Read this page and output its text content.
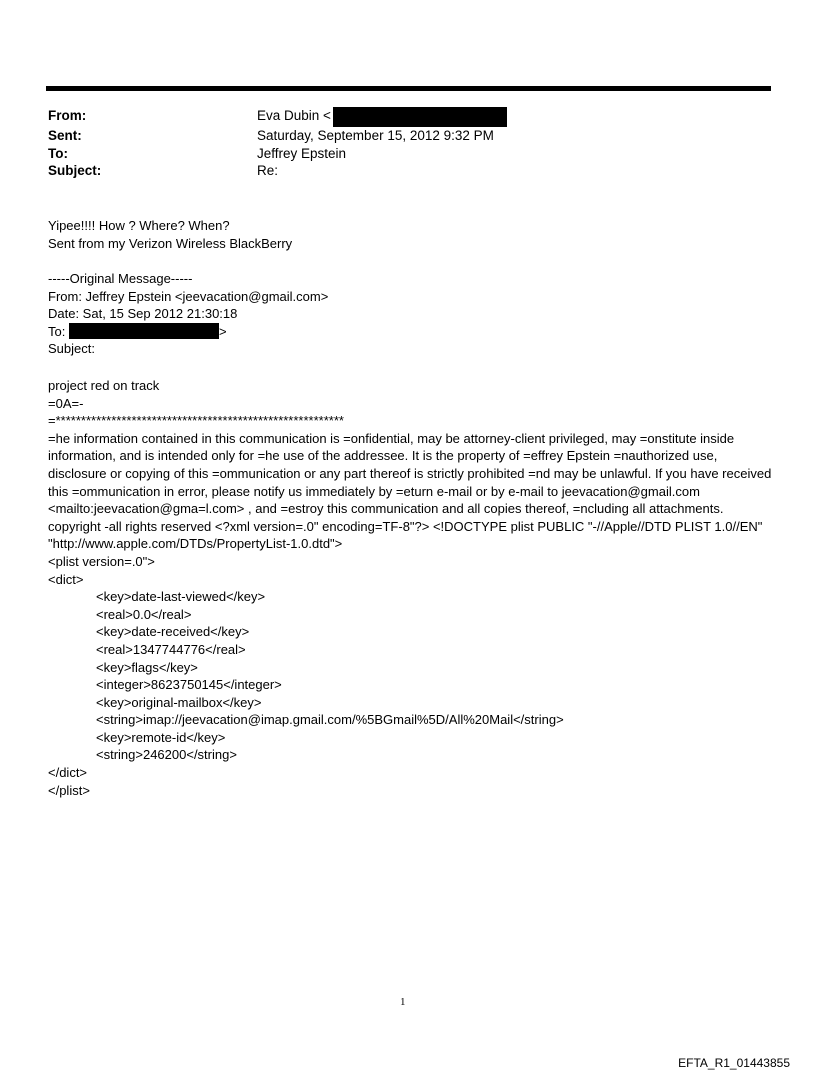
From:	Eva Dubin <
Sent:	Saturday, September 15, 2012 9:32 PM
To:	Jeffrey Epstein
Subject:	Re:
Yipee!!!! How ? Where? When?
Sent from my Verizon Wireless BlackBerry
-----Original Message-----
From: Jeffrey Epstein <jeevacation@gmail.com>
Date: Sat, 15 Sep 2012 21:30:18
To:	>
Subject:
project red on track
=0A=-
=*********************************************************
=he information contained in this communication is =onfidential, may be attorney-client privileged, may =onstitute inside information, and is intended only for =he use of the addressee. It is the property of =effrey Epstein =nauthorized use, disclosure or copying of this =ommunication or any part thereof is strictly prohibited =nd may be unlawful. If you have received this =ommunication in error, please notify us immediately by =eturn e-mail or by e-mail to jeevacation@gmail.com <mailto:jeevacation@gma=l.com> , and =estroy this communication and all copies thereof, =ncluding all attachments. copyright -all rights reserved <?xml version=.0" encoding=TF-8"?> <!DOCTYPE plist PUBLIC "-//Apple//DTD PLIST 1.0//EN" "http://www.apple.com/DTDs/PropertyList-1.0.dtd">
<plist version=.0">
<dict>
<key>date-last-viewed</key>
<real>0.0</real>
<key>date-received</key>
<real>1347744776</real>
<key>flags</key>
<integer>8623750145</integer>
<key>original-mailbox</key>
<string>imap://jeevacation@imap.gmail.com/%5BGmail%5D/All%20Mail</string>
<key>remote-id</key>
<string>246200</string>
</dict>
</plist>
1
EFTA_R1_01443855
